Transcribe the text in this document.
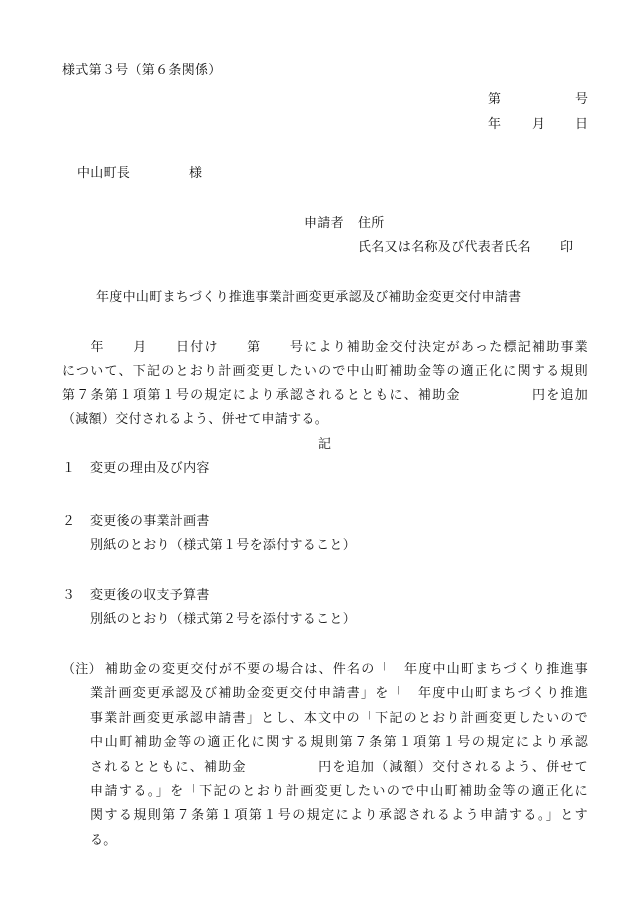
様式第３号（第６条関係）
第	号
年 月 日
中山町長	様
申請者 住所
氏名又は名称及び代表者氏名 印
年度中山町まちづくり推進事業計画変更承認及び補助金変更交付申請書
　　年　　月　　日付け　　第　　号により補助金交付決定があった標記補助事業
について、下記のとおり計画変更したいので中山町補助金等の適正化に関する規則
第７条第１項第１号の規定により承認されるとともに、補助金　　　　　円を追加
（減額）交付されるよう、併せて申請する。
記
１ 変更の理由及び内容
２ 変更後の事業計画書
別紙のとおり（様式第１号を添付すること）
３ 変更後の収支予算書
別紙のとおり（様式第２号を添付すること）
（注） 補助金の変更交付が不要の場合は、件名の「　年度中山町まちづくり推進事
業計画変更承認及び補助金変更交付申請書」を「　年度中山町まちづくり推進
事業計画変更承認申請書」とし、本文中の「下記のとおり計画変更したいので
中山町補助金等の適正化に関する規則第７条第１項第１号の規定により承認
されるとともに、補助金　　　　　円を追加（減額）交付されるよう、併せて
申請する。」を「下記のとおり計画変更したいので中山町補助金等の適正化に
関する規則第７条第１項第１号の規定により承認されるよう申請する。」とす
る。
